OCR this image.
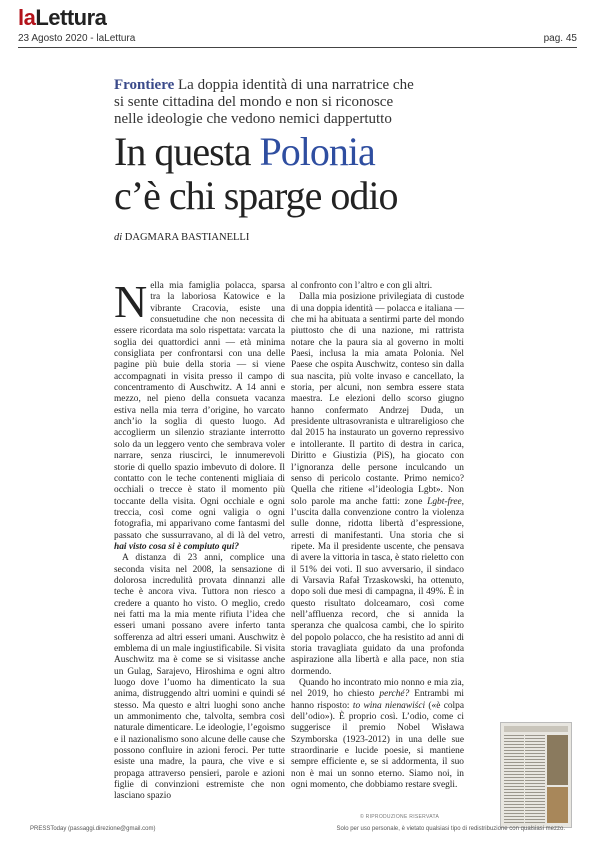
laLettura
23 Agosto 2020 - laLettura	pag. 45
Frontiere La doppia identità di una narratrice che si sente cittadina del mondo e non si riconosce nelle ideologie che vedono nemici dappertutto
In questa Polonia
c’è chi sparge odio
di DAGMARA BASTIANELLI

Nella mia famiglia polacca, sparsa tra la laboriosa Katowice e la vibrante Cracovia, esiste una consuetudine che non necessita di essere ricordata ma solo rispettata: varcata la soglia dei quattordici anni — età minima consigliata per confrontarsi con una delle pagine più buie della storia — si viene accompagnati in visita presso il campo di concentramento di Auschwitz. A 14 anni e mezzo, nel pieno della consueta vacanza estiva nella mia terra d’origine, ho varcato anch’io la soglia di questo luogo. Ad accoglierm un silenzio straziante interrotto solo da un leggero vento che sembrava voler narrare, senza riuscirci, le innumerevoli storie di quello spazio imbevuto di dolore. Il contatto con le teche contenenti migliaia di occhiali o trecce è stato il momento più toccante della visita. Ogni occhiale e ogni treccia, così come ogni valigia o ogni fotografia, mi apparivano come fantasmi del passato che sussurravano, al di là del vetro, hai visto cosa si è compiuto qui?

A distanza di 23 anni, complice una seconda visita nel 2008, la sensazione di dolorosa incredulità provata dinnanzi alle teche è ancora viva. Tuttora non riesco a credere a quanto ho visto. O meglio, credo nei fatti ma la mia mente rifiuta l’idea che esseri umani possano avere inferto tanta sofferenza ad altri esseri umani. Auschwitz è emblema di un male ingiustificabile. Si visita Auschwitz ma è come se si visitasse anche un Gulag, Sarajevo, Hiroshima e ogni altro luogo dove l’uomo ha dimenticato la sua anima, distruggendo altri uomini e quindi sé stesso. Ma questo e altri luoghi sono anche un ammonimento che, talvolta, sembra così naturale dimenticare. Le ideologie, l’egoismo e il nazionalismo sono alcune delle cause che possono confluire in azioni feroci. Per tutte esiste una madre, la paura, che vive e si propaga attraverso pensieri, parole e azioni figlie di convinzioni estremiste che non lasciano spazio

al confronto con l’altro e con gli altri.

Dalla mia posizione privilegiata di custode di una doppia identità — polacca e italiana — che mi ha abituata a sentirmi parte del mondo piuttosto che di una nazione, mi rattrista notare che la paura sia al governo in molti Paesi, inclusa la mia amata Polonia. Nel Paese che ospita Auschwitz, conteso sin dalla sua nascita, più volte invaso e cancellato, la storia, per alcuni, non sembra essere stata maestra. Le elezioni dello scorso giugno hanno confermato Andrzej Duda, un presidente ultrasovranista e ultrareligioso che dal 2015 ha instaurato un governo repressivo e intollerante. Il partito di destra in carica, Diritto e Giustizia (PiS), ha giocato con l’ignoranza delle persone inculcando un senso di pericolo costante. Primo nemico? Quella che ritiene «l’ideologia Lgbt». Non solo parole ma anche fatti: zone Lgbt-free, l’uscita dalla convenzione contro la violenza sulle donne, ridotta libertà d’espressione, arresti di manifestanti. Una storia che si ripete. Ma il presidente uscente, che pensava di avere la vittoria in tasca, è stato rieletto con il 51% dei voti. Il suo avversario, il sindaco di Varsavia Rafał Trzaskowski, ha ottenuto, dopo soli due mesi di campagna, il 49%. È in questo risultato dolceamaro, così come nell’affluenza record, che si annida la speranza che qualcosa cambi, che lo spirito del popolo polacco, che ha resistito ad anni di storia travagliata guidato da una profonda aspirazione alla libertà e alla pace, non stia dormendo.

Quando ho incontrato mio nonno e mia zia, nel 2019, ho chiesto perché? Entrambi mi hanno risposto: to wina nienawiści («è colpa dell’odio»). È proprio così. L’odio, come ci suggerisce il premio Nobel Wisława Szymborska (1923-2012) in una delle sue straordinarie e lucide poesie, si mantiene sempre efficiente e, se si addormenta, il suo non è mai un sonno eterno. Siamo noi, in ogni momento, che dobbiamo restare svegli.

© RIPRODUZIONE RISERVATA
PRESSToday (passaggi.direzione@gmail.com)	Solo per uso personale, è vietato qualsiasi tipo di redistribuzione con qualsiasi mezzo.
